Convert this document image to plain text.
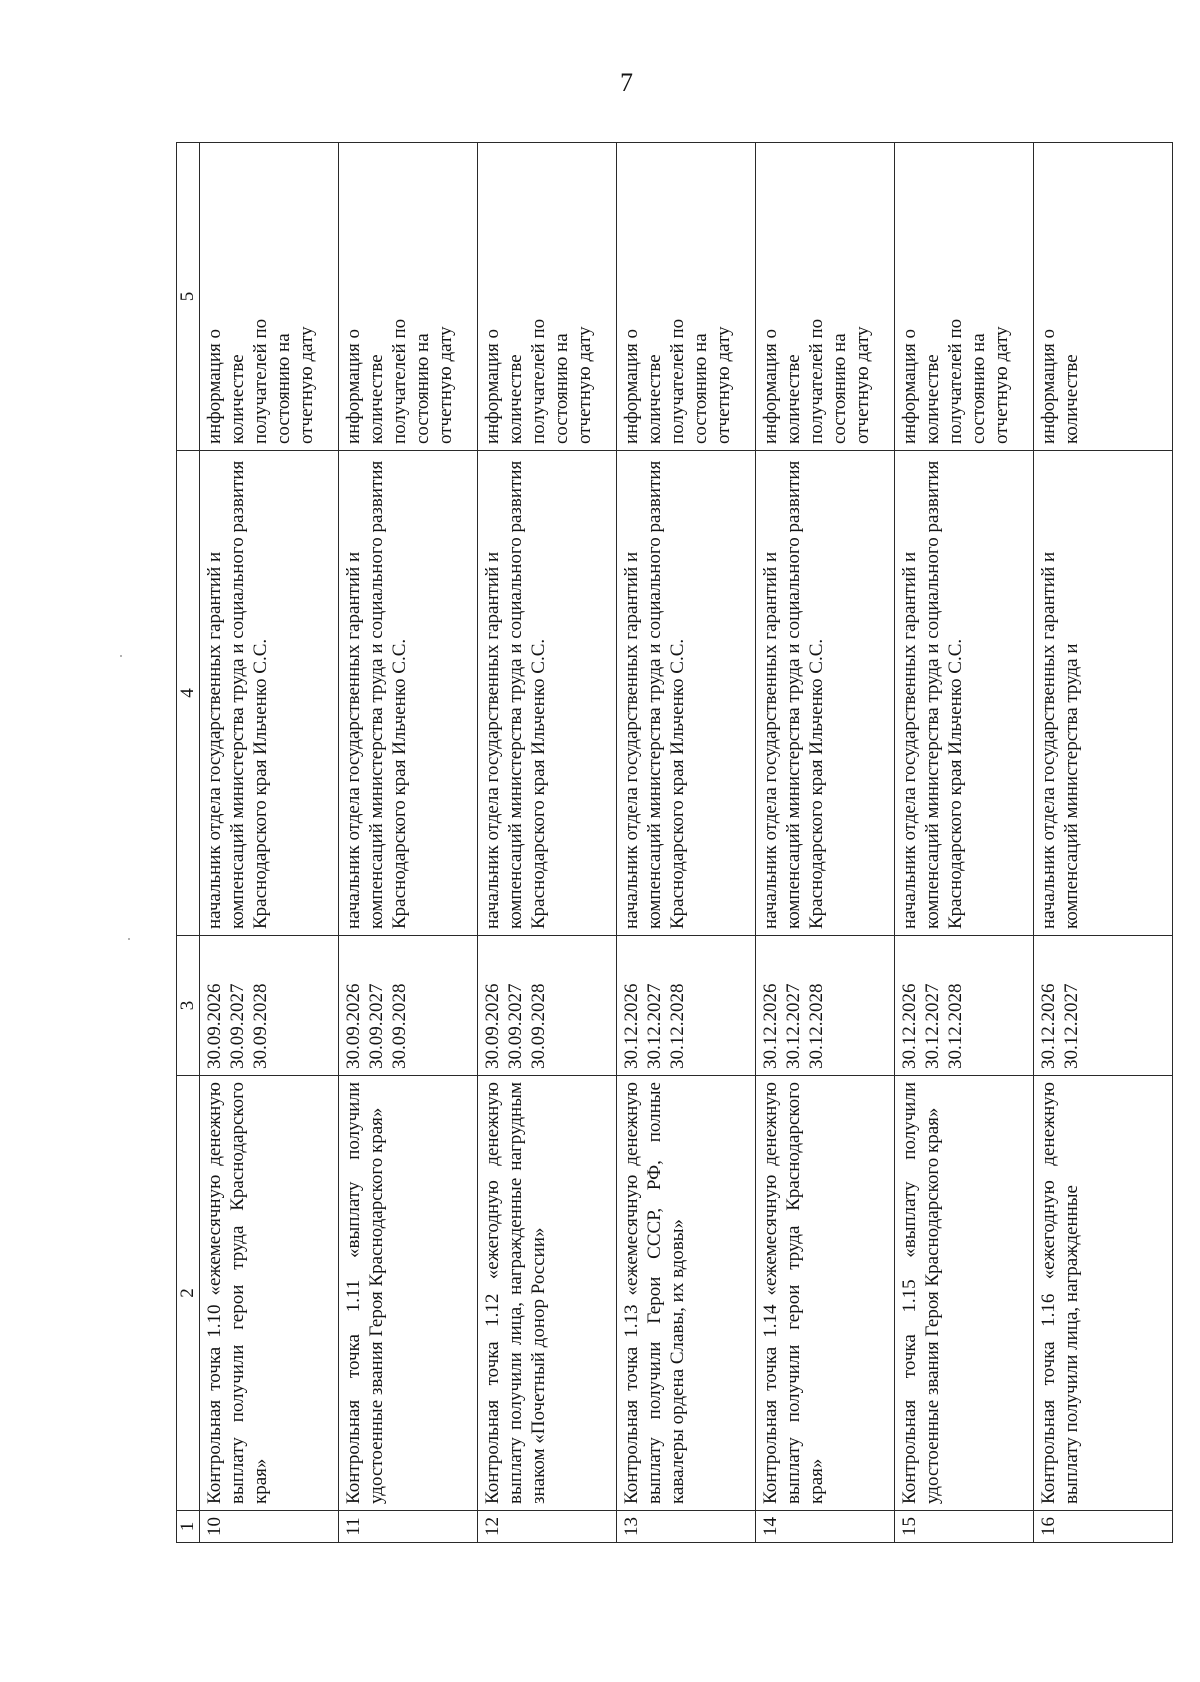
7
1	2	3	4	5
10	Контрольная точка 1.10 «ежемесячную денежную выплату получили герои труда Краснодарского края»	30.09.2026 30.09.2027 30.09.2028	начальник отдела государственных гарантий и компенсаций министерства труда и социального развития Краснодарского края Ильченко С.С.	информация о количестве получателей по состоянию на отчетную дату

11	Контрольная точка 1.11 «выплату получили удостоенные звания Героя Краснодарского края»	30.09.2026 30.09.2027 30.09.2028	начальник отдела государственных гарантий и компенсаций министерства труда и социального развития Краснодарского края Ильченко С.С.	информация о количестве получателей по состоянию на отчетную дату

12	Контрольная точка 1.12 «ежегодную денежную выплату получили лица, награжденные нагрудным знаком «Почетный донор России»	30.09.2026 30.09.2027 30.09.2028	начальник отдела государственных гарантий и компенсаций министерства труда и социального развития Краснодарского края Ильченко С.С.	информация о количестве получателей по состоянию на отчетную дату

13	Контрольная точка 1.13 «ежемесячную денежную выплату получили Герои СССР, РФ, полные кавалеры ордена Славы, их вдовы»	30.12.2026 30.12.2027 30.12.2028	начальник отдела государственных гарантий и компенсаций министерства труда и социального развития Краснодарского края Ильченко С.С.	информация о количестве получателей по состоянию на отчетную дату

14	Контрольная точка 1.14 «ежемесячную денежную выплату получили герои труда Краснодарского края»	30.12.2026 30.12.2027 30.12.2028	начальник отдела государственных гарантий и компенсаций министерства труда и социального развития Краснодарского края Ильченко С.С.	информация о количестве получателей по состоянию на отчетную дату

15	Контрольная точка 1.15 «выплату получили удостоенные звания Героя Краснодарского края»	30.12.2026 30.12.2027 30.12.2028	начальник отдела государственных гарантий и компенсаций министерства труда и социального развития Краснодарского края Ильченко С.С.	информация о количестве получателей по состоянию на отчетную дату

16	Контрольная точка 1.16 «ежегодную денежную выплату получили лица, награжденные	30.12.2026 30.12.2027	начальник отдела государственных гарантий и компенсаций министерства труда и	информация о количестве
